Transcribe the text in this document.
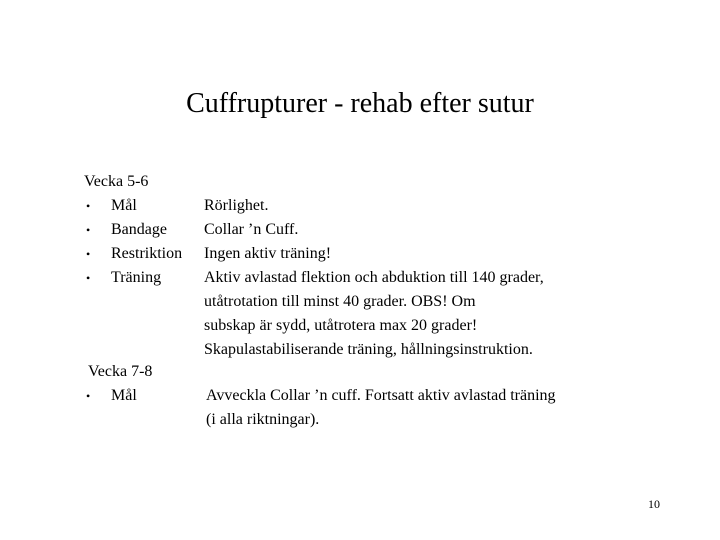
Cuffrupturer - rehab efter sutur
Vecka 5-6
• Mål	Rörlighet.
• Bandage Collar ’n Cuff.
• Restriktion Ingen aktiv träning!
• Träning	Aktiv avlastad flektion och abduktion till 140 grader,
utåtrotation till minst 40 grader. OBS! Om
subskap är sydd, utåtrotera max 20 grader!
Skapulastabiliserande träning, hållningsinstruktion.
Vecka 7-8
• Mål	Avveckla Collar ’n cuff. Fortsatt aktiv avlastad träning
(i alla riktningar).
10
